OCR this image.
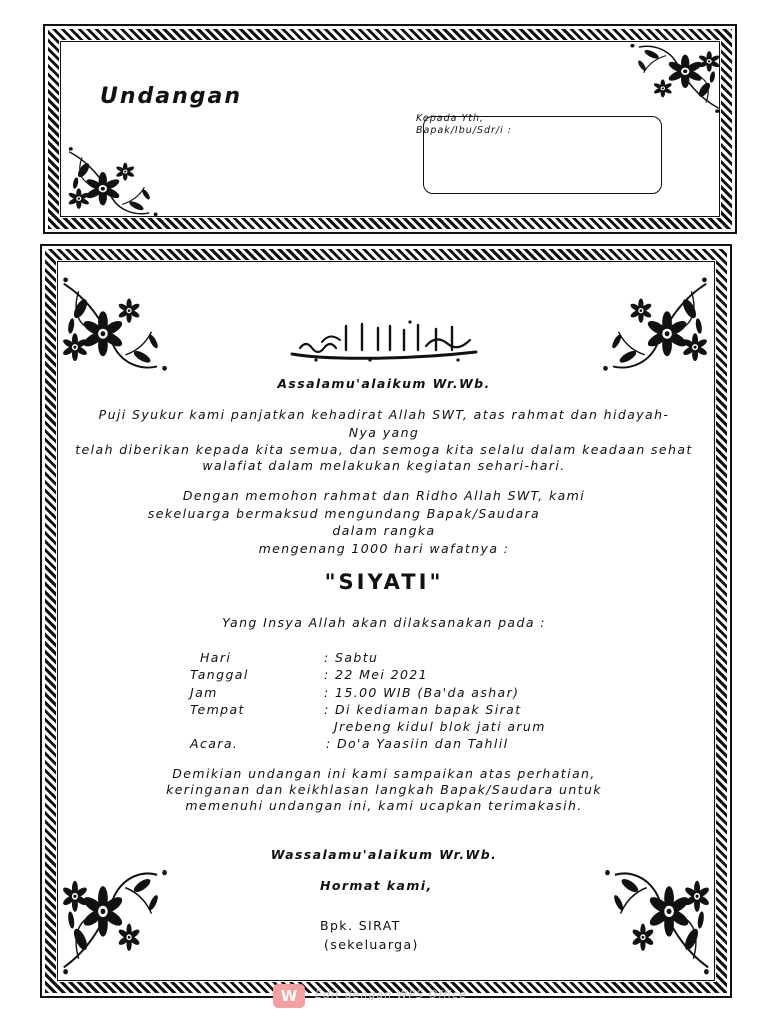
Undangan
Kepada Yth,
Bapak/Ibu/Sdr/i :
Assalamu'alaikum Wr.Wb.
Puji Syukur kami panjatkan kehadirat Allah SWT, atas rahmat dan hidayah-
Nya yang
telah diberikan kepada kita semua, dan semoga kita selalu dalam keadaan sehat
walafiat dalam melakukan kegiatan sehari-hari.
Dengan memohon rahmat dan Ridho Allah SWT, kami
sekeluarga bermaksud mengundang Bapak/Saudara
dalam rangka
mengenang 1000 hari wafatnya :
"SIYATI"
Yang Insya Allah akan dilaksanakan pada :
Hari	: Sabtu
Tanggal	: 22 Mei 2021
Jam	: 15.00 WIB (Ba'da ashar)
Tempat	: Di kediaman bapak Sirat
Jrebeng kidul blok jati arum
Acara.	: Do'a Yaasiin dan Tahlil
Demikian undangan ini kami sampaikan atas perhatian,
keringanan dan keikhlasan langkah Bapak/Saudara untuk
memenuhi undangan ini, kami ucapkan terimakasih.
Wassalamu'alaikum Wr.Wb.
Hormat kami,
Bpk. SIRAT
(sekeluarga)
W	Edit dengan WPS Office
